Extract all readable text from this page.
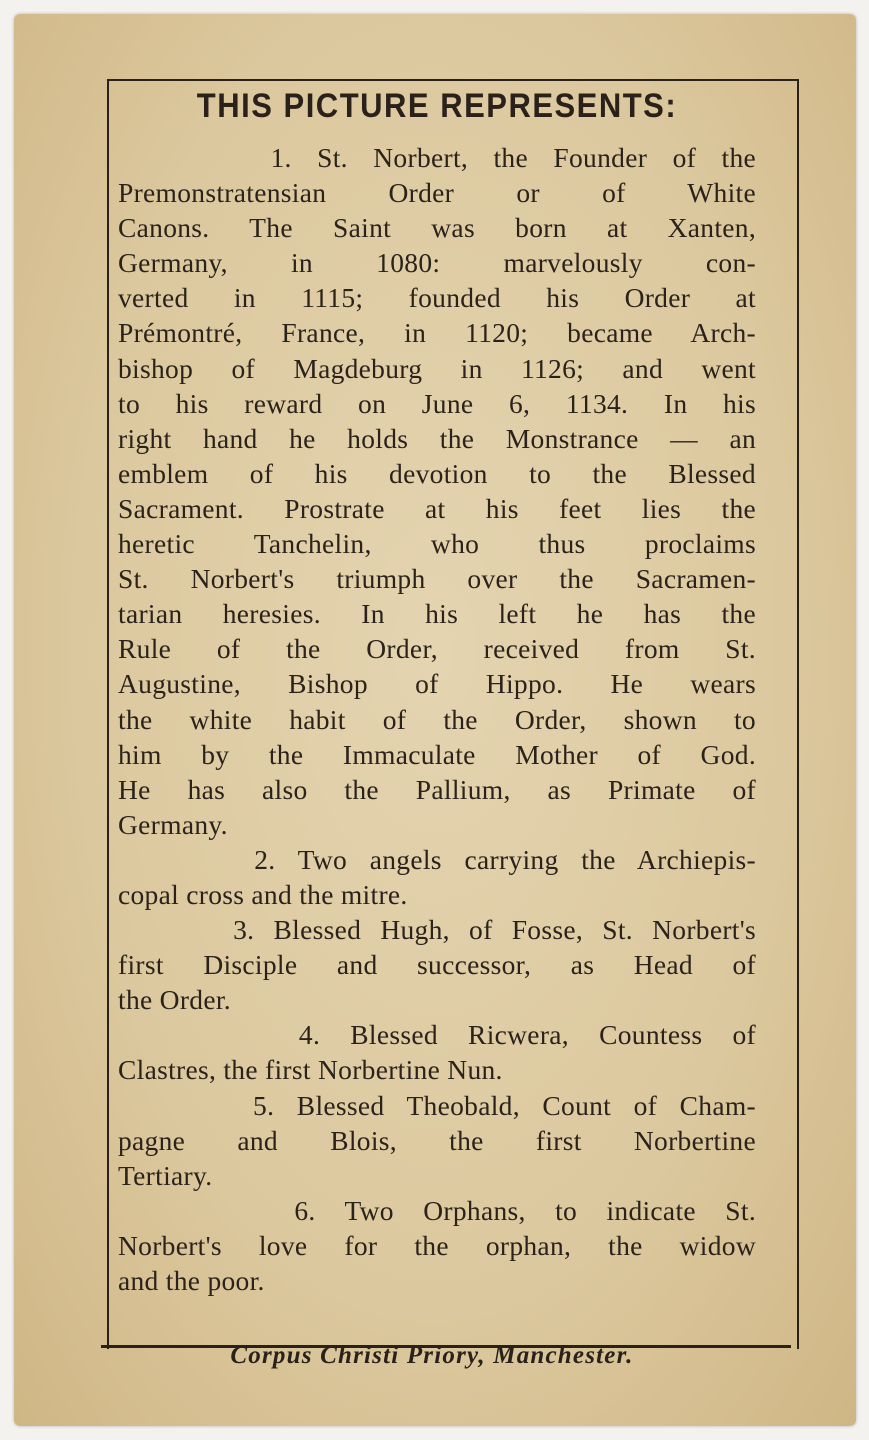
THIS PICTURE REPRESENTS:
1. St. Norbert, the Founder of the
Premonstratensian Order or of White
Canons. The Saint was born at Xanten,
Germany, in 1080: marvelously con-
verted in 1115; founded his Order at
Prémontré, France, in 1120; became Arch-
bishop of Magdeburg in 1126; and went
to his reward on June 6, 1134. In his
right hand he holds the Monstrance — an
emblem of his devotion to the Blessed
Sacrament. Prostrate at his feet lies the
heretic Tanchelin, who thus proclaims
St. Norbert's triumph over the Sacramen-
tarian heresies. In his left he has the
Rule of the Order, received from St.
Augustine, Bishop of Hippo. He wears
the white habit of the Order, shown to
him by the Immaculate Mother of God.
He has also the Pallium, as Primate of
Germany.
2. Two angels carrying the Archiepis-
copal cross and the mitre.
3. Blessed Hugh, of Fosse, St. Norbert's
first Disciple and successor, as Head of
the Order.
4. Blessed Ricwera, Countess of
Clastres, the first Norbertine Nun.
5. Blessed Theobald, Count of Cham-
pagne and Blois, the first Norbertine
Tertiary.
6. Two Orphans, to indicate St.
Norbert's love for the orphan, the widow
and the poor.
Corpus Christi Priory, Manchester.
